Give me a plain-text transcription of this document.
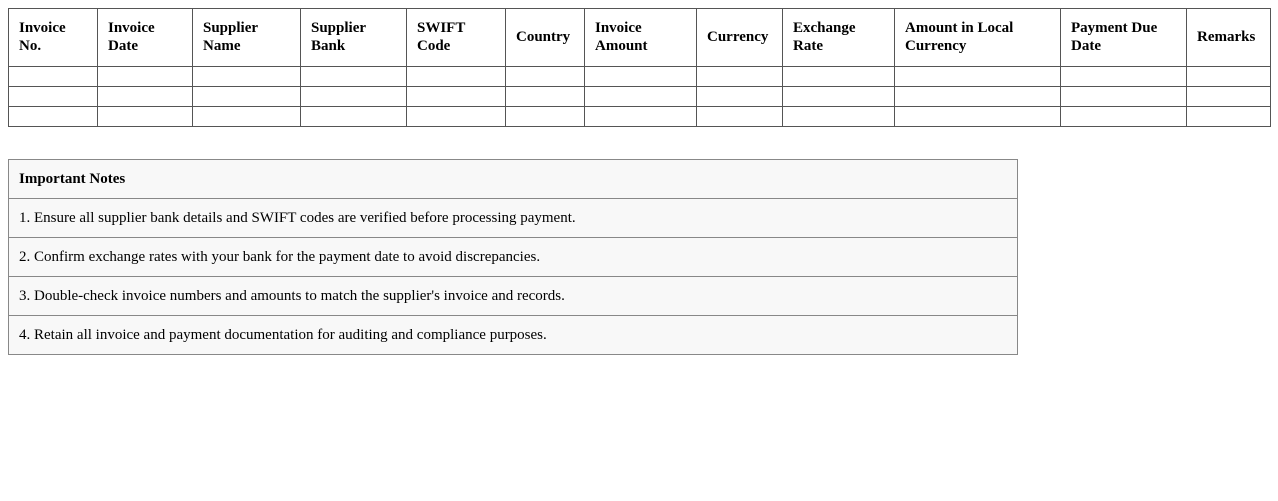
Invoice No.	Invoice Date	Supplier Name	Supplier Bank	SWIFT Code	Country	Invoice Amount	Currency	Exchange Rate	Amount in Local Currency	Payment Due Date	Remarks

Important Notes
1. Ensure all supplier bank details and SWIFT codes are verified before processing payment.
2. Confirm exchange rates with your bank for the payment date to avoid discrepancies.
3. Double-check invoice numbers and amounts to match the supplier's invoice and records.
4. Retain all invoice and payment documentation for auditing and compliance purposes.
